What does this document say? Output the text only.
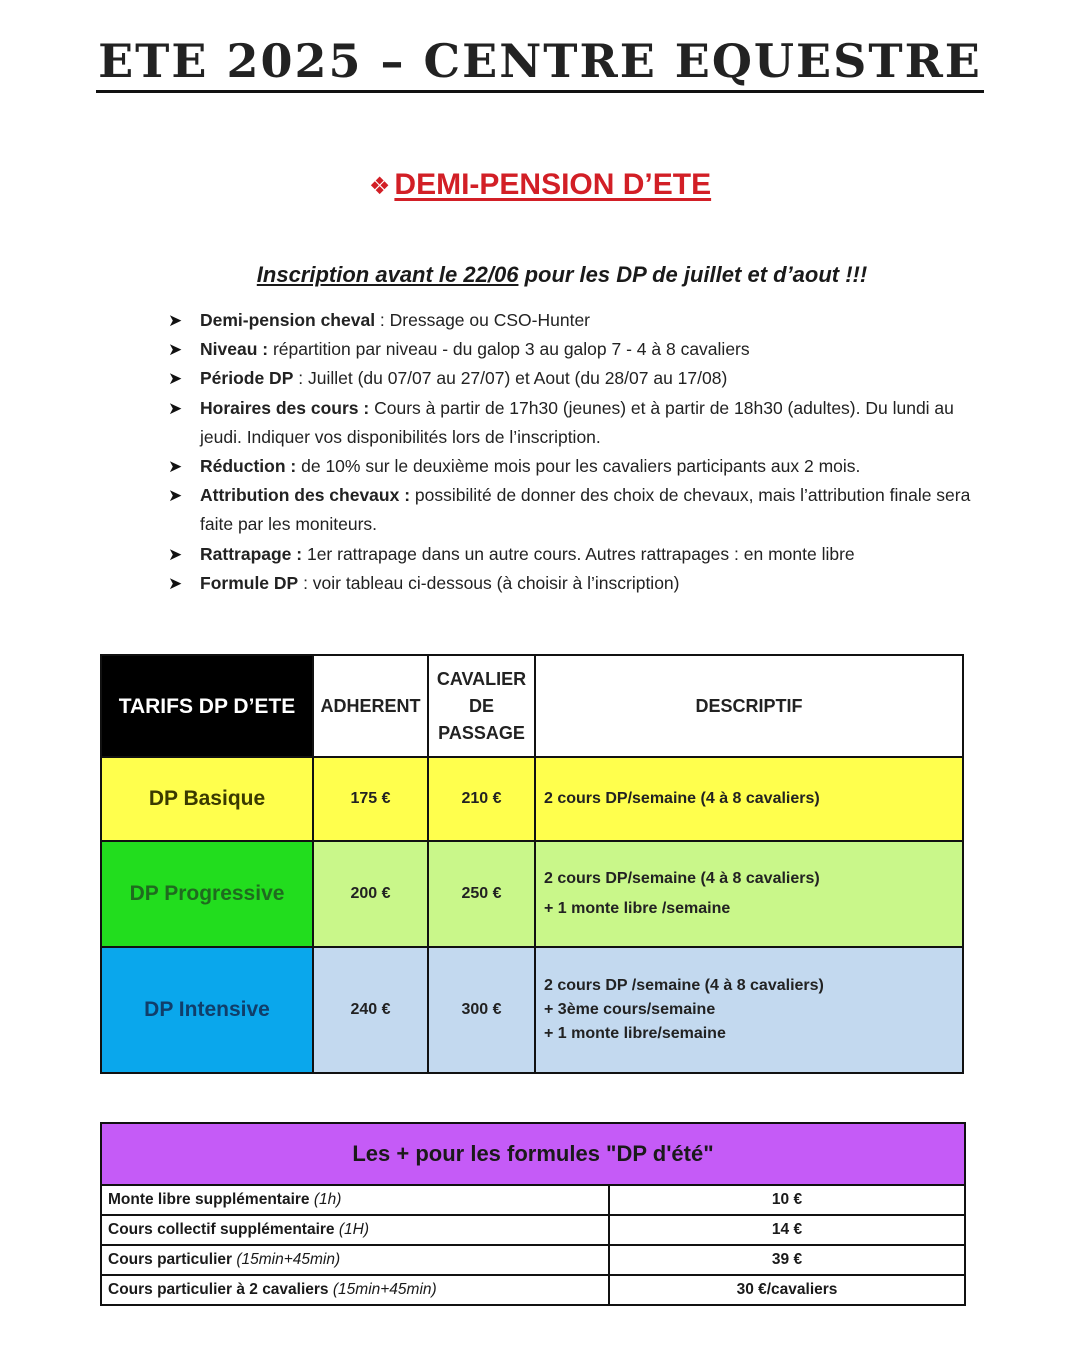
ETE 2025 – CENTRE EQUESTRE
❖ DEMI-PENSION D’ETE
Inscription avant le 22/06 pour les DP de juillet et d’aout !!!
➤ Demi-pension cheval : Dressage ou CSO-Hunter
➤ Niveau : répartition par niveau - du galop 3 au galop 7 - 4 à 8 cavaliers
➤ Période DP : Juillet (du 07/07 au 27/07) et Aout (du 28/07 au 17/08)
➤ Horaires des cours : Cours à partir de 17h30 (jeunes) et à partir de 18h30 (adultes). Du lundi au jeudi. Indiquer vos disponibilités lors de l’inscription.
➤ Réduction : de 10% sur le deuxième mois pour les cavaliers participants aux 2 mois.
➤ Attribution des chevaux : possibilité de donner des choix de chevaux, mais l’attribution finale sera faite par les moniteurs.
➤ Rattrapage : 1er rattrapage dans un autre cours. Autres rattrapages : en monte libre
➤ Formule DP : voir tableau ci-dessous (à choisir à l’inscription)
TARIFS DP D’ETE	ADHERENT	CAVALIER DE PASSAGE	DESCRIPTIF
DP Basique	175 €	210 €	2 cours DP/semaine (4 à 8 cavaliers)

DP Progressive	200 €	250 €	2 cours DP/semaine (4 à 8 cavaliers)
+ 1 monte libre /semaine

DP Intensive	240 €	300 €	2 cours DP /semaine (4 à 8 cavaliers)
+ 3ème cours/semaine
+ 1 monte libre/semaine
Les + pour les formules "DP d'été"	
Monte libre supplémentaire (1h)	10 €
Cours collectif supplémentaire (1H)	14 €
Cours particulier (15min+45min)	39 €
Cours particulier à 2 cavaliers (15min+45min)	30 €/cavaliers
